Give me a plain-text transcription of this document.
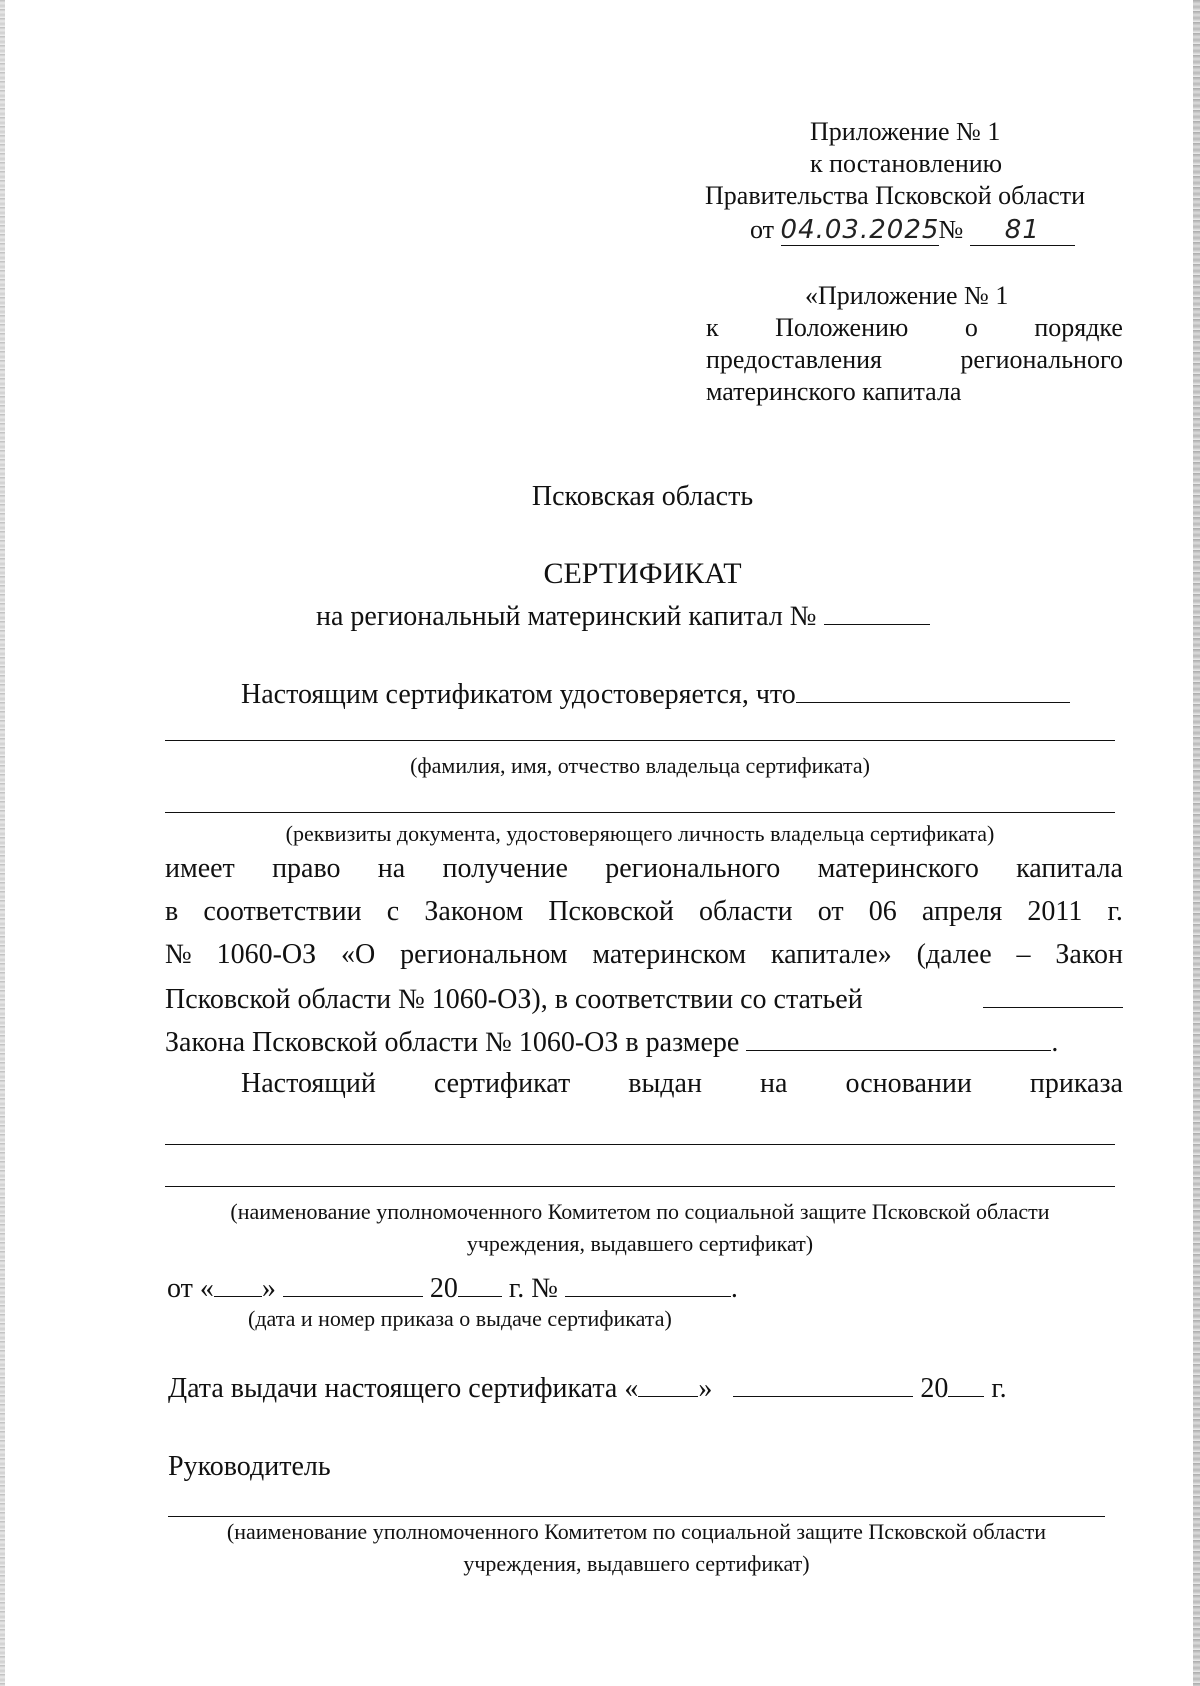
Приложение № 1
к постановлению
Правительства Псковской области
от 04.03.2025№ 81
«Приложение № 1
к Положению о порядке
предоставления	регионального
материнского капитала
Псковская область
СЕРТИФИКАТ
на региональный материнский капитал №
Настоящим сертификатом удостоверяется, что
(фамилия, имя, отчество владельца сертификата)
(реквизиты документа, удостоверяющего личность владельца сертификата)
имеет право на получение регионального материнского капитала
в соответствии с Законом Псковской области от 06 апреля 2011 г.
№ 1060-ОЗ «О региональном материнском капитале» (далее – Закон
Псковской области № 1060-ОЗ), в соответствии со статьей
Закона Псковской области № 1060-ОЗ в размере	.
Настоящий сертификат выдан на основании приказа
(наименование уполномоченного Комитетом по социальной защите Псковской области
учреждения, выдавшего сертификат)
от « »	20 г. №	.
(дата и номер приказа о выдаче сертификата)
Дата выдачи настоящего сертификата « »	20 г.
Руководитель
(наименование уполномоченного Комитетом по социальной защите Псковской области
учреждения, выдавшего сертификат)
